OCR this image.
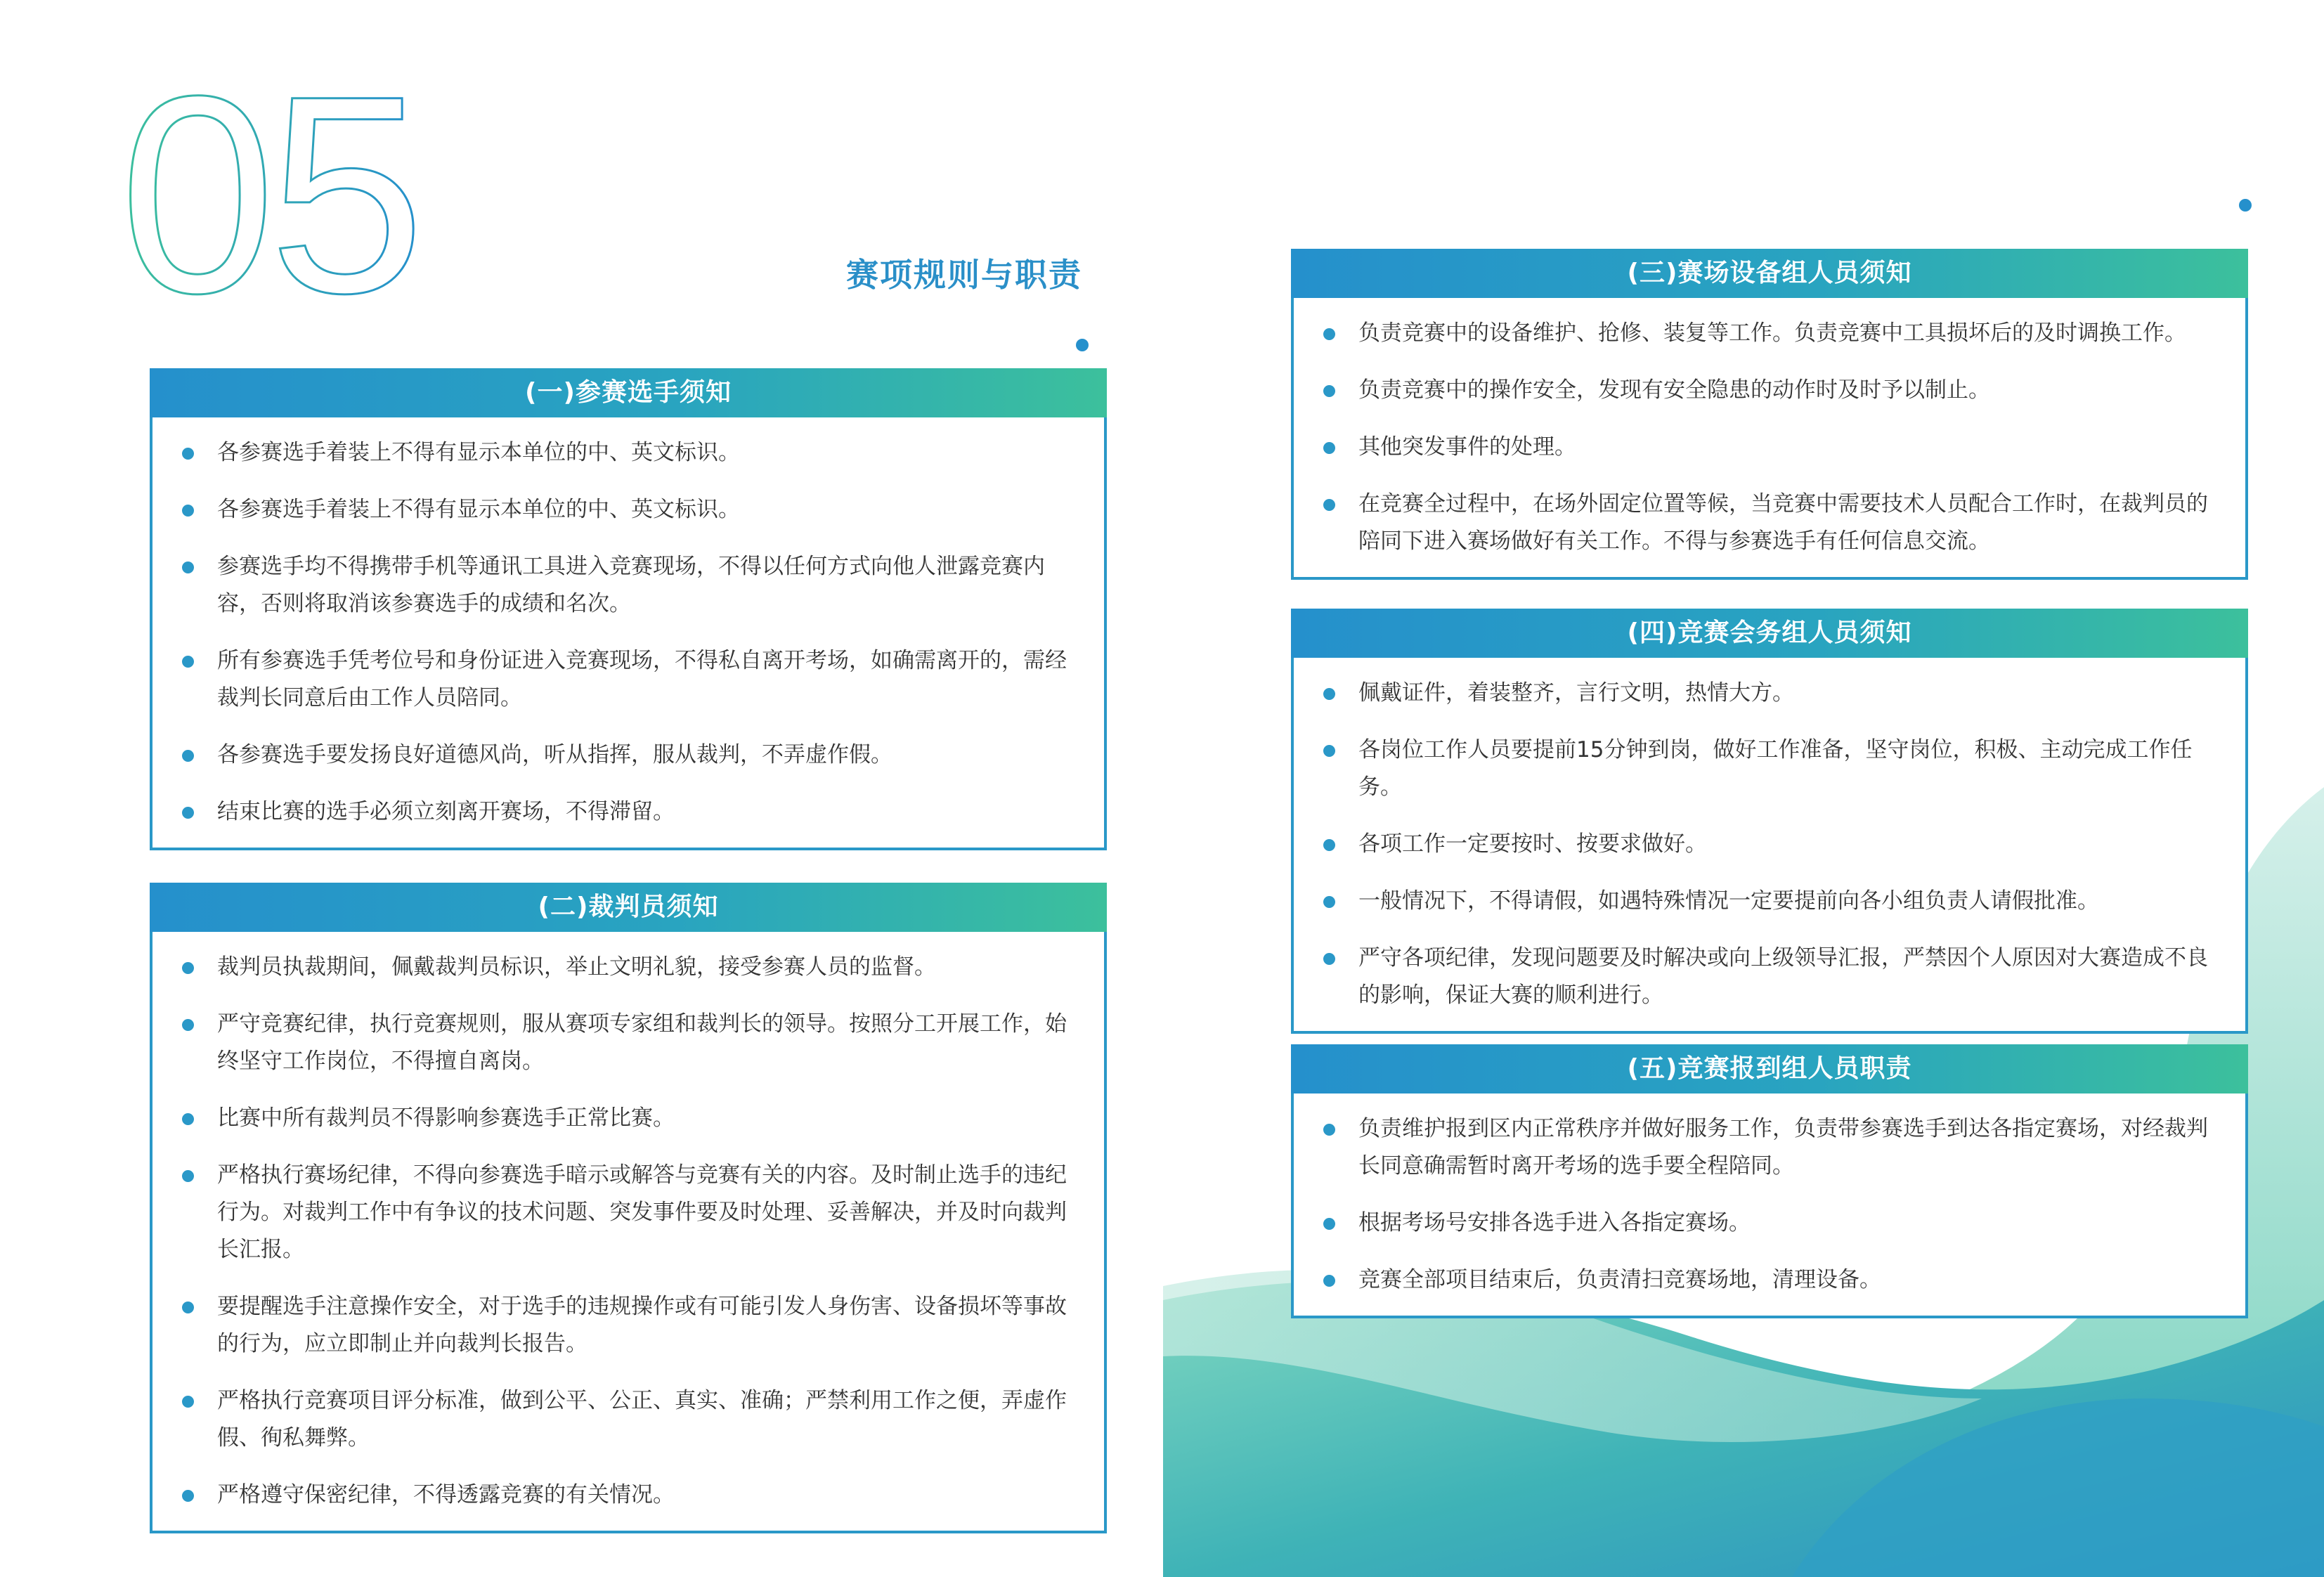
05	赛项规则与职责
(一)参赛选手须知
各参赛选手着装上不得有显示本单位的中、英文标识。
各参赛选手着装上不得有显示本单位的中、英文标识。
参赛选手均不得携带手机等通讯工具进入竞赛现场，不得以任何方式向他人泄露竞赛内容，否则将取消该参赛选手的成绩和名次。
所有参赛选手凭考位号和身份证进入竞赛现场，不得私自离开考场，如确需离开的，需经裁判长同意后由工作人员陪同。
各参赛选手要发扬良好道德风尚，听从指挥，服从裁判，不弄虚作假。
结束比赛的选手必须立刻离开赛场，不得滞留。
(二)裁判员须知
裁判员执裁期间，佩戴裁判员标识，举止文明礼貌，接受参赛人员的监督。
严守竞赛纪律，执行竞赛规则，服从赛项专家组和裁判长的领导。按照分工开展工作，始终坚守工作岗位，不得擅自离岗。
比赛中所有裁判员不得影响参赛选手正常比赛。
严格执行赛场纪律，不得向参赛选手暗示或解答与竞赛有关的内容。及时制止选手的违纪行为。对裁判工作中有争议的技术问题、突发事件要及时处理、妥善解决，并及时向裁判长汇报。
要提醒选手注意操作安全，对于选手的违规操作或有可能引发人身伤害、设备损坏等事故的行为，应立即制止并向裁判长报告。
严格执行竞赛项目评分标准，做到公平、公正、真实、准确；严禁利用工作之便，弄虚作假、徇私舞弊。
严格遵守保密纪律，不得透露竞赛的有关情况。
(三)赛场设备组人员须知
负责竞赛中的设备维护、抢修、装复等工作。负责竞赛中工具损坏后的及时调换工作。
负责竞赛中的操作安全，发现有安全隐患的动作时及时予以制止。
其他突发事件的处理。
在竞赛全过程中，在场外固定位置等候，当竞赛中需要技术人员配合工作时，在裁判员的陪同下进入赛场做好有关工作。不得与参赛选手有任何信息交流。
(四)竞赛会务组人员须知
佩戴证件，着装整齐，言行文明，热情大方。
各岗位工作人员要提前15分钟到岗，做好工作准备，坚守岗位，积极、主动完成工作任务。
各项工作一定要按时、按要求做好。
一般情况下，不得请假，如遇特殊情况一定要提前向各小组负责人请假批准。
严守各项纪律，发现问题要及时解决或向上级领导汇报，严禁因个人原因对大赛造成不良的影响，保证大赛的顺利进行。
(五)竞赛报到组人员职责
负责维护报到区内正常秩序并做好服务工作，负责带参赛选手到达各指定赛场，对经裁判长同意确需暂时离开考场的选手要全程陪同。
根据考场号安排各选手进入各指定赛场。
竞赛全部项目结束后，负责清扫竞赛场地，清理设备。
